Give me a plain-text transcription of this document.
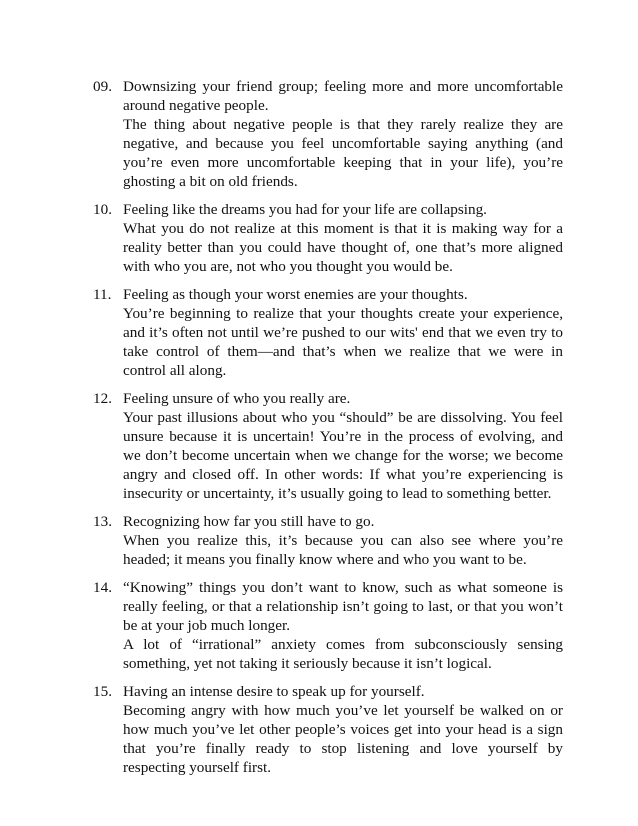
09. Downsizing your friend group; feeling more and more uncomfortable around negative people.
The thing about negative people is that they rarely realize they are negative, and because you feel uncomfortable saying anything (and you’re even more uncomfortable keeping that in your life), you’re ghosting a bit on old friends.
10. Feeling like the dreams you had for your life are collapsing.
What you do not realize at this moment is that it is making way for a reality better than you could have thought of, one that’s more aligned with who you are, not who you thought you would be.
11. Feeling as though your worst enemies are your thoughts.
You’re beginning to realize that your thoughts create your experience, and it’s often not until we’re pushed to our wits' end that we even try to take control of them—and that’s when we realize that we were in control all along.
12. Feeling unsure of who you really are.
Your past illusions about who you “should” be are dissolving. You feel unsure because it is uncertain! You’re in the process of evolving, and we don’t become uncertain when we change for the worse; we become angry and closed off. In other words: If what you’re experiencing is insecurity or uncertainty, it’s usually going to lead to something better.
13. Recognizing how far you still have to go.
When you realize this, it’s because you can also see where you’re headed; it means you finally know where and who you want to be.
14. “Knowing” things you don’t want to know, such as what someone is really feeling, or that a relationship isn’t going to last, or that you won’t be at your job much longer.
A lot of “irrational” anxiety comes from subconsciously sensing something, yet not taking it seriously because it isn’t logical.
15. Having an intense desire to speak up for yourself.
Becoming angry with how much you’ve let yourself be walked on or how much you’ve let other people’s voices get into your head is a sign that you’re finally ready to stop listening and love yourself by respecting yourself first.
